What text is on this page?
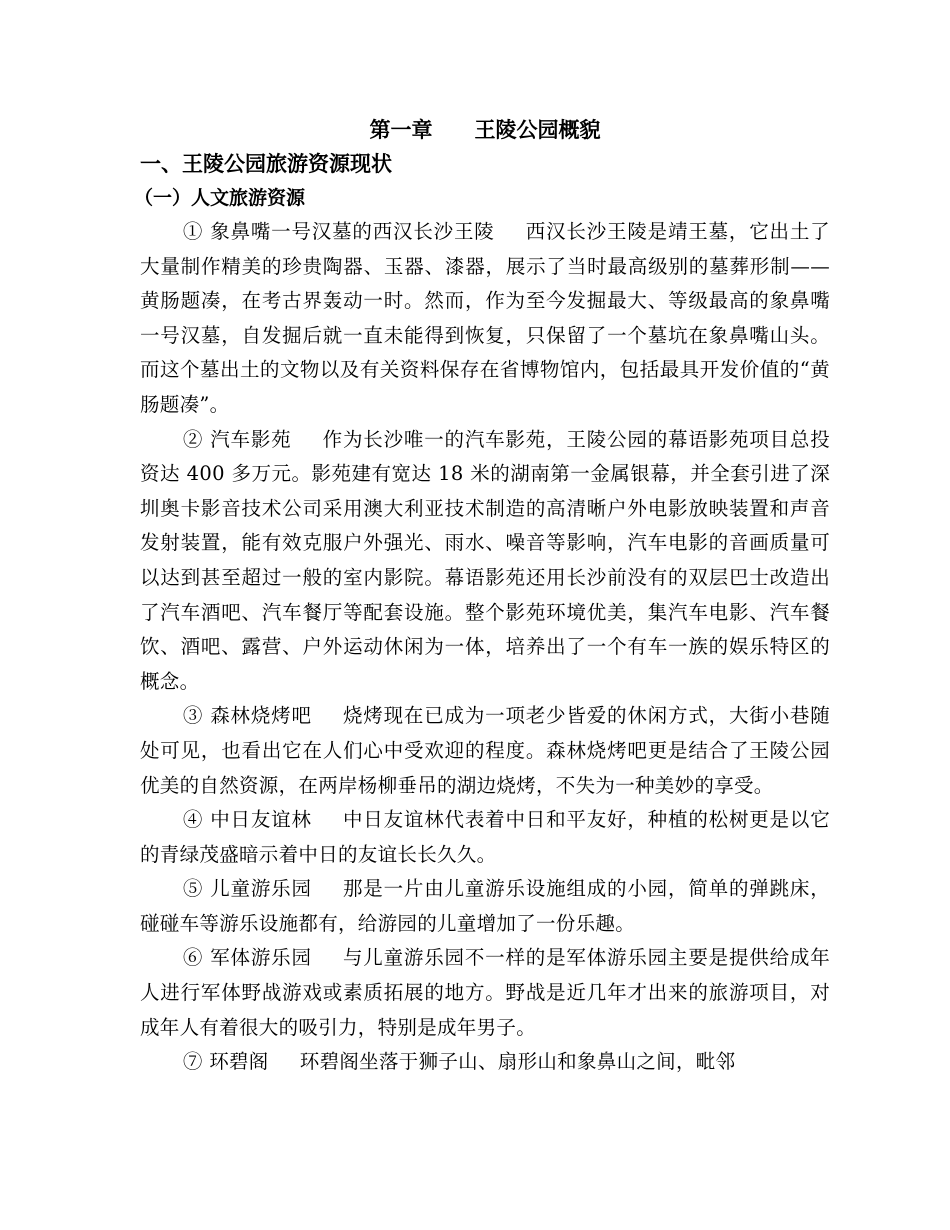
第一章 王陵公园概貌
一、王陵公园旅游资源现状
（一）人文旅游资源

① 象鼻嘴一号汉墓的西汉长沙王陵 西汉长沙王陵是靖王墓，它出土了大量制作精美的珍贵陶器、玉器、漆器，展示了当时最高级别的墓葬形制——黄肠题凑，在考古界轰动一时。然而，作为至今发掘最大、等级最高的象鼻嘴一号汉墓，自发掘后就一直未能得到恢复，只保留了一个墓坑在象鼻嘴山头。而这个墓出土的文物以及有关资料保存在省博物馆内，包括最具开发价值的“黄肠题凑”。

② 汽车影苑 作为长沙唯一的汽车影苑，王陵公园的幕语影苑项目总投资达 400 多万元。影苑建有宽达 18 米的湖南第一金属银幕，并全套引进了深圳奥卡影音技术公司采用澳大利亚技术制造的高清晰户外电影放映装置和声音发射装置，能有效克服户外强光、雨水、噪音等影响，汽车电影的音画质量可以达到甚至超过一般的室内影院。幕语影苑还用长沙前没有的双层巴士改造出了汽车酒吧、汽车餐厅等配套设施。整个影苑环境优美，集汽车电影、汽车餐饮、酒吧、露营、户外运动休闲为一体，培养出了一个有车一族的娱乐特区的概念。

③ 森林烧烤吧 烧烤现在已成为一项老少皆爱的休闲方式，大街小巷随处可见，也看出它在人们心中受欢迎的程度。森林烧烤吧更是结合了王陵公园优美的自然资源，在两岸杨柳垂吊的湖边烧烤，不失为一种美妙的享受。

④ 中日友谊林 中日友谊林代表着中日和平友好，种植的松树更是以它的青绿茂盛暗示着中日的友谊长长久久。

⑤ 儿童游乐园 那是一片由儿童游乐设施组成的小园，简单的弹跳床，碰碰车等游乐设施都有，给游园的儿童增加了一份乐趣。

⑥ 军体游乐园 与儿童游乐园不一样的是军体游乐园主要是提供给成年人进行军体野战游戏或素质拓展的地方。野战是近几年才出来的旅游项目，对成年人有着很大的吸引力，特别是成年男子。

⑦ 环碧阁 环碧阁坐落于狮子山、扇形山和象鼻山之间，毗邻
